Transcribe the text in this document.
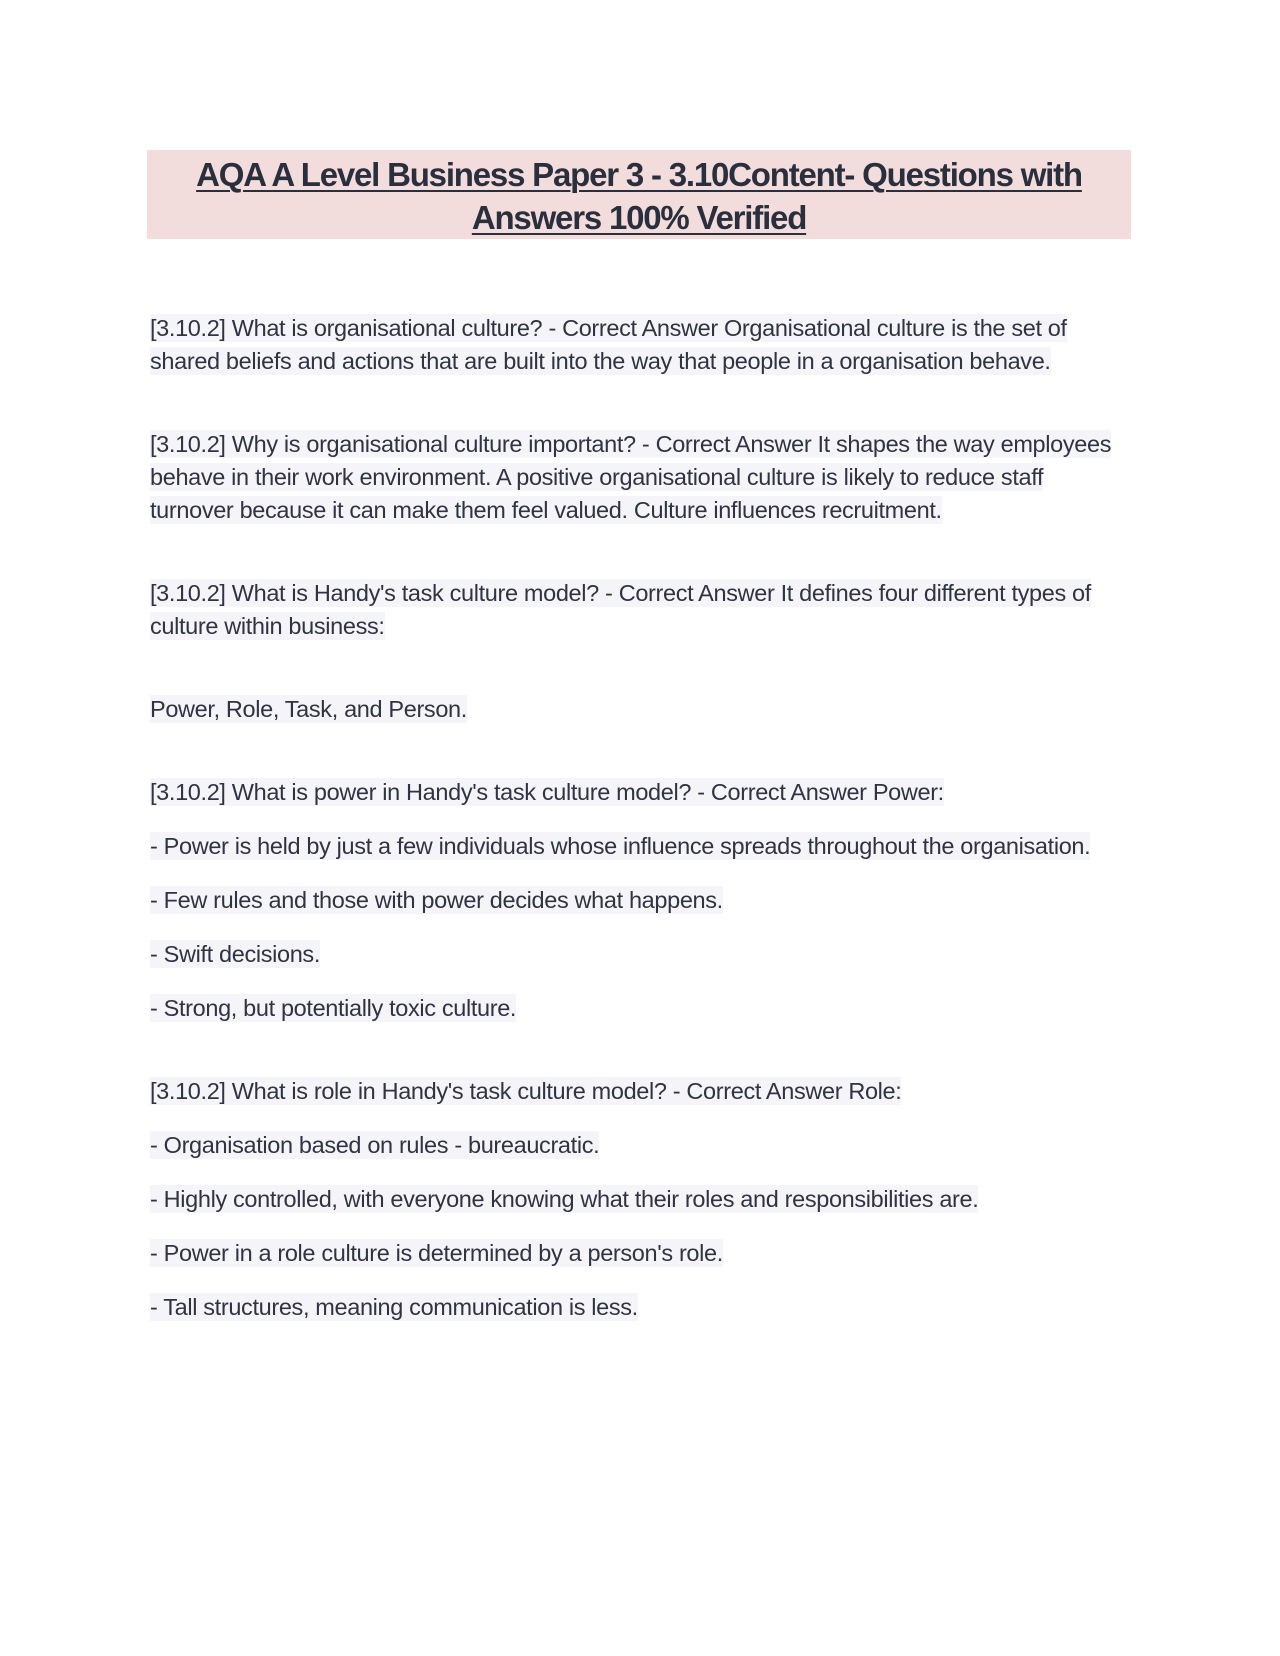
AQA A Level Business Paper 3 - 3.10Content- Questions with
Answers 100% Verified

[3.10.2] What is organisational culture? - Correct Answer Organisational culture is the set of shared beliefs and actions that are built into the way that people in a organisation behave.

[3.10.2] Why is organisational culture important? - Correct Answer It shapes the way employees behave in their work environment. A positive organisational culture is likely to reduce staff turnover because it can make them feel valued. Culture influences recruitment.

[3.10.2] What is Handy's task culture model? - Correct Answer It defines four different types of culture within business:

Power, Role, Task, and Person.

[3.10.2] What is power in Handy's task culture model? - Correct Answer Power:

- Power is held by just a few individuals whose influence spreads throughout the organisation.

- Few rules and those with power decides what happens.

- Swift decisions.

- Strong, but potentially toxic culture.

[3.10.2] What is role in Handy's task culture model? - Correct Answer Role:

- Organisation based on rules - bureaucratic.

- Highly controlled, with everyone knowing what their roles and responsibilities are.

- Power in a role culture is determined by a person's role.

- Tall structures, meaning communication is less.
